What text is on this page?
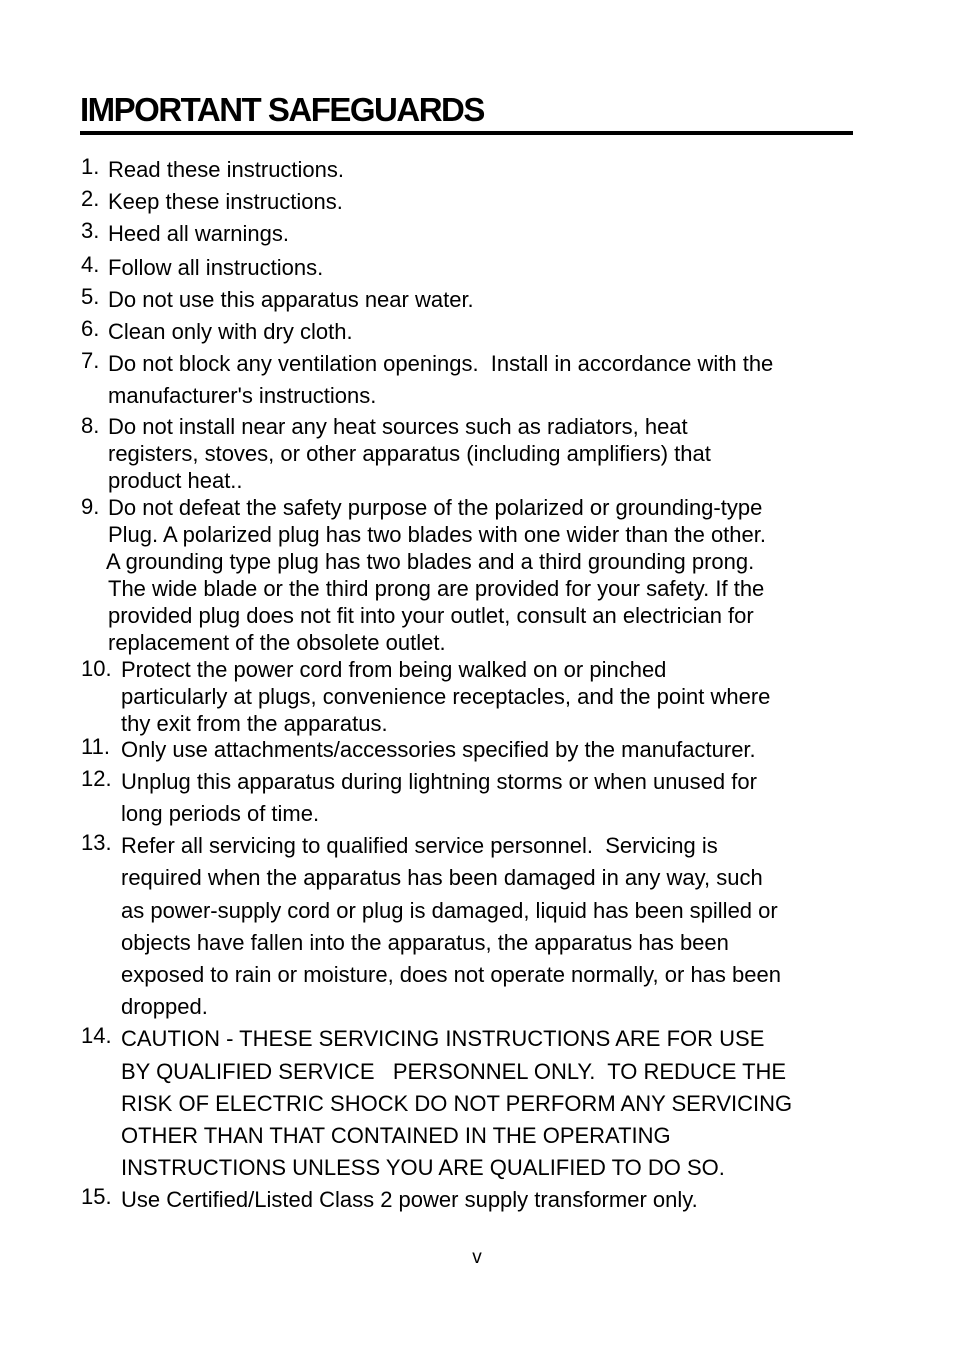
IMPORTANT SAFEGUARDS
1. Read these instructions.
2. Keep these instructions.
3. Heed all warnings.
4. Follow all instructions.
5. Do not use this apparatus near water.
6. Clean only with dry cloth.
7. Do not block any ventilation openings.  Install in accordance with the
manufacturer's instructions.
8. Do not install near any heat sources such as radiators, heat
registers, stoves, or other apparatus (including amplifiers) that
product heat..
9. Do not defeat the safety purpose of the polarized or grounding-type
Plug. A polarized plug has two blades with one wider than the other.
A grounding type plug has two blades and a third grounding prong.
The wide blade or the third prong are provided for your safety. If the
provided plug does not fit into your outlet, consult an electrician for
replacement of the obsolete outlet.
10. Protect the power cord from being walked on or pinched
particularly at plugs, convenience receptacles, and the point where
thy exit from the apparatus.
11. Only use attachments/accessories specified by the manufacturer.
12. Unplug this apparatus during lightning storms or when unused for
long periods of time.
13. Refer all servicing to qualified service personnel.  Servicing is
required when the apparatus has been damaged in any way, such
as power-supply cord or plug is damaged, liquid has been spilled or
objects have fallen into the apparatus, the apparatus has been
exposed to rain or moisture, does not operate normally, or has been
dropped.
14. CAUTION - THESE SERVICING INSTRUCTIONS ARE FOR USE
BY QUALIFIED SERVICE   PERSONNEL ONLY.  TO REDUCE THE
RISK OF ELECTRIC SHOCK DO NOT PERFORM ANY SERVICING
OTHER THAN THAT CONTAINED IN THE OPERATING
INSTRUCTIONS UNLESS YOU ARE QUALIFIED TO DO SO.
15. Use Certified/Listed Class 2 power supply transformer only.
v
